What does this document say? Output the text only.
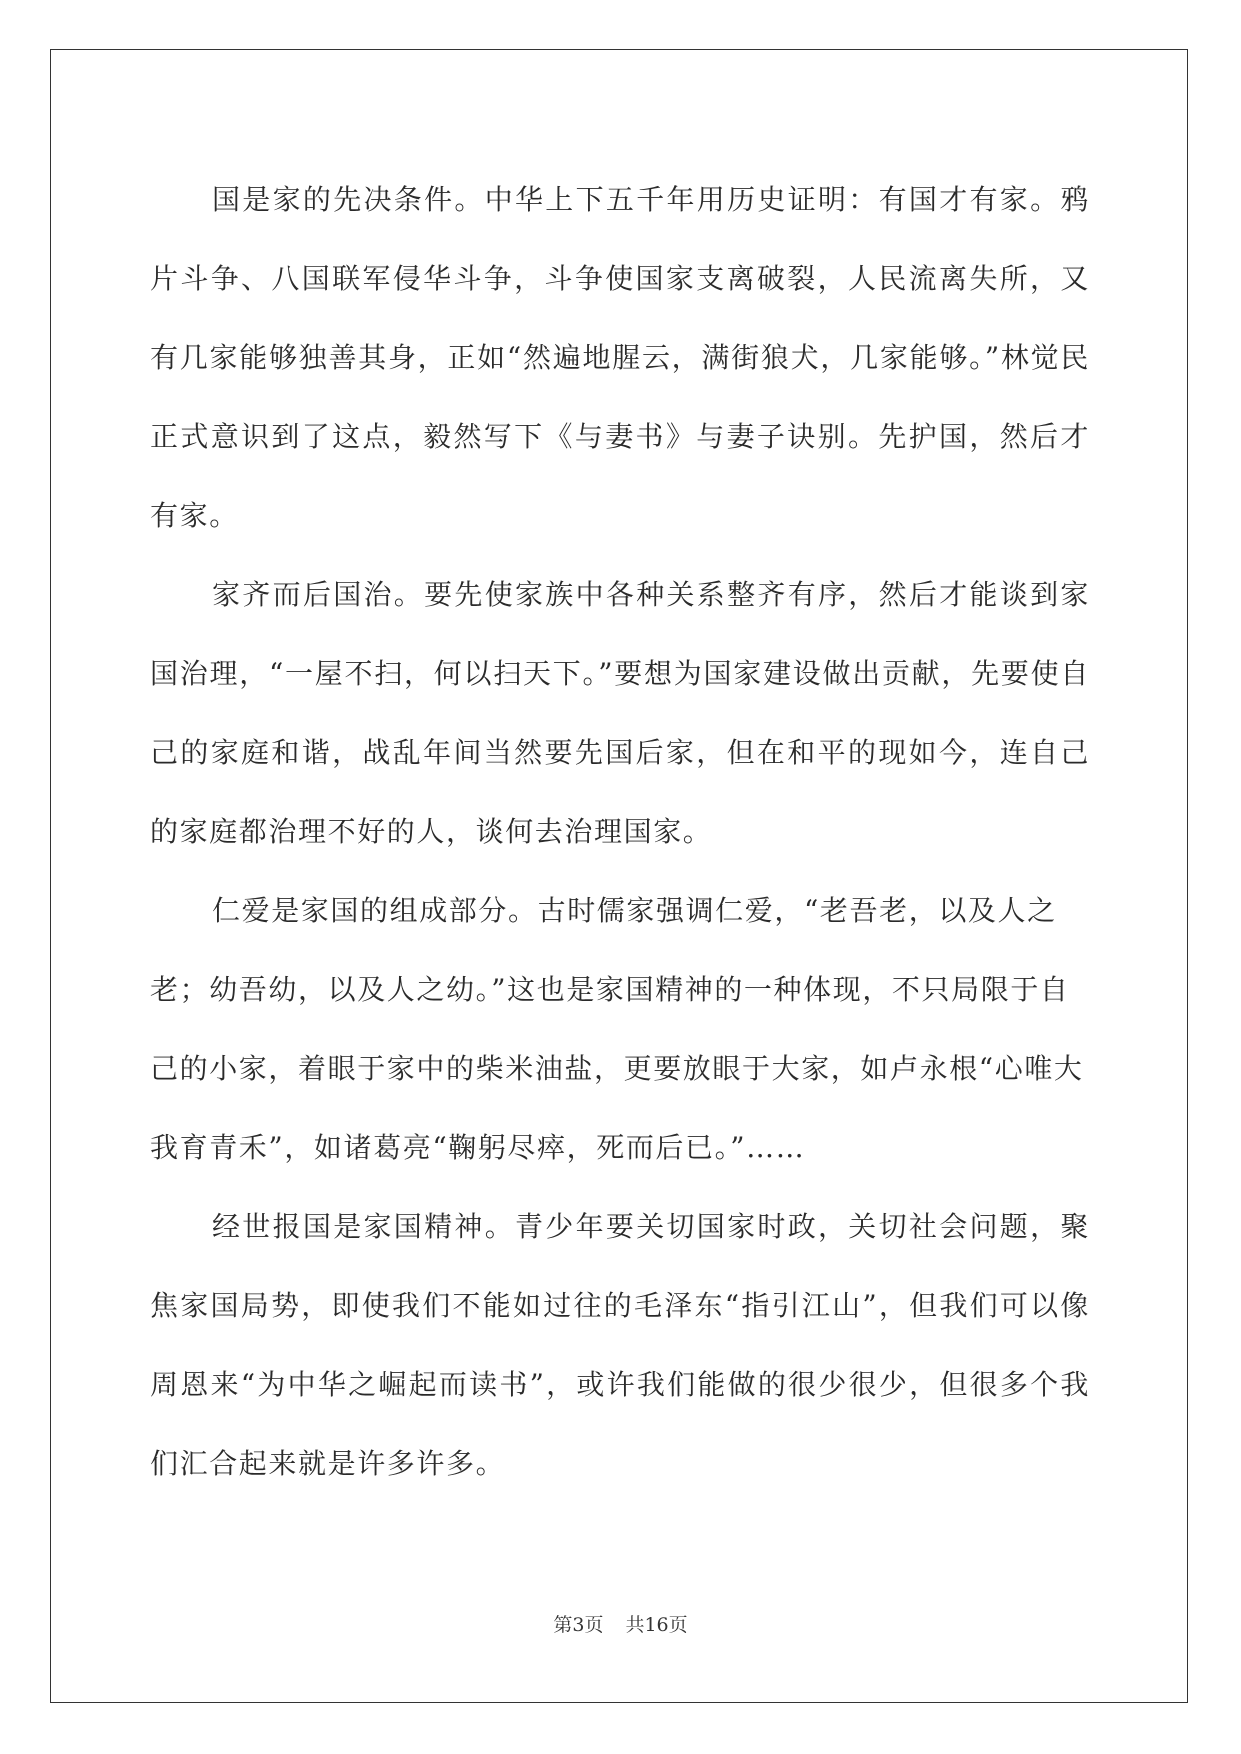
国是家的先决条件。中华上下五千年用历史证明：有国才有家。鸦片斗争、八国联军侵华斗争，斗争使国家支离破裂，人民流离失所，又有几家能够独善其身，正如“然遍地腥云，满街狼犬，几家能够。”林觉民正式意识到了这点，毅然写下《与妻书》与妻子诀别。先护国，然后才有家。

家齐而后国治。要先使家族中各种关系整齐有序，然后才能谈到家国治理，“一屋不扫，何以扫天下。”要想为国家建设做出贡献，先要使自己的家庭和谐，战乱年间当然要先国后家，但在和平的现如今，连自己的家庭都治理不好的人，谈何去治理国家。

仁爱是家国的组成部分。古时儒家强调仁爱，“老吾老，以及人之老；幼吾幼，以及人之幼。”这也是家国精神的一种体现，不只局限于自己的小家，着眼于家中的柴米油盐，更要放眼于大家，如卢永根“心唯大我育青禾”，如诸葛亮“鞠躬尽瘁，死而后已。”……

经世报国是家国精神。青少年要关切国家时政，关切社会问题，聚焦家国局势，即使我们不能如过往的毛泽东“指引江山”，但我们可以像周恩来“为中华之崛起而读书”，或许我们能做的很少很少，但很多个我们汇合起来就是许多许多。

第3页 共16页
